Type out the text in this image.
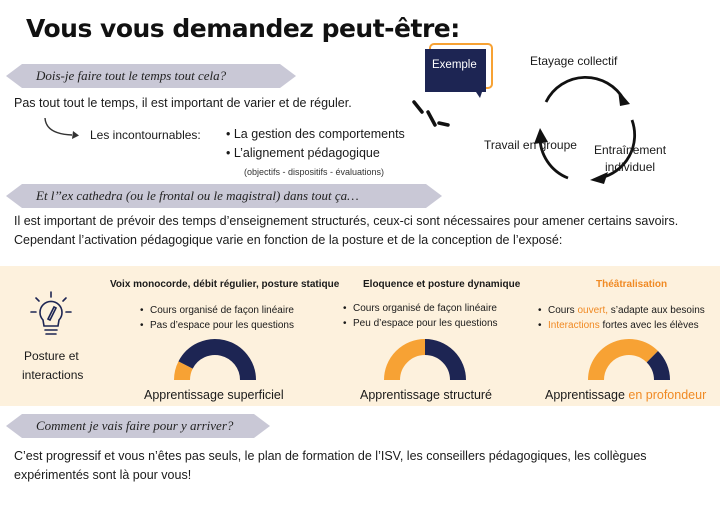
Vous vous demandez peut-être:
Dois-je faire tout le temps tout cela?
Pas tout tout le temps, il est important de varier et de réguler.
Les incontournables: • La gestion des comportements
• L’alignement pédagogique
(objectifs - dispositifs - évaluations)
Exemple	Etayage collectif
Entraînement
individuel
Travail en groupe
Et l’’ex cathedra (ou le frontal ou le magistral) dans tout ça…
Il est important de prévoir des temps d’enseignement structurés, ceux-ci sont nécessaires pour amener certains savoirs.
Cependant l’activation pédagogique varie en fonction de la posture et de la conception de l’exposé:
Posture et
interactions
Voix monocorde, débit régulier, posture statique
• Cours organisé de façon linéaire
• Pas d’espace pour les questions
Apprentissage superficiel
Eloquence et posture dynamique
• Cours organisé de façon linéaire
• Peu d’espace pour les questions
Apprentissage structuré
Théâtralisation
• Cours ouvert, s’adapte aux besoins
• Interactions fortes avec les élèves
Apprentissage en profondeur
Comment je vais faire pour y arriver?
C’est progressif et vous n’êtes pas seuls, le plan de formation de l’ISV, les conseillers pédagogiques, les collègues
expérimentés sont là pour vous!
